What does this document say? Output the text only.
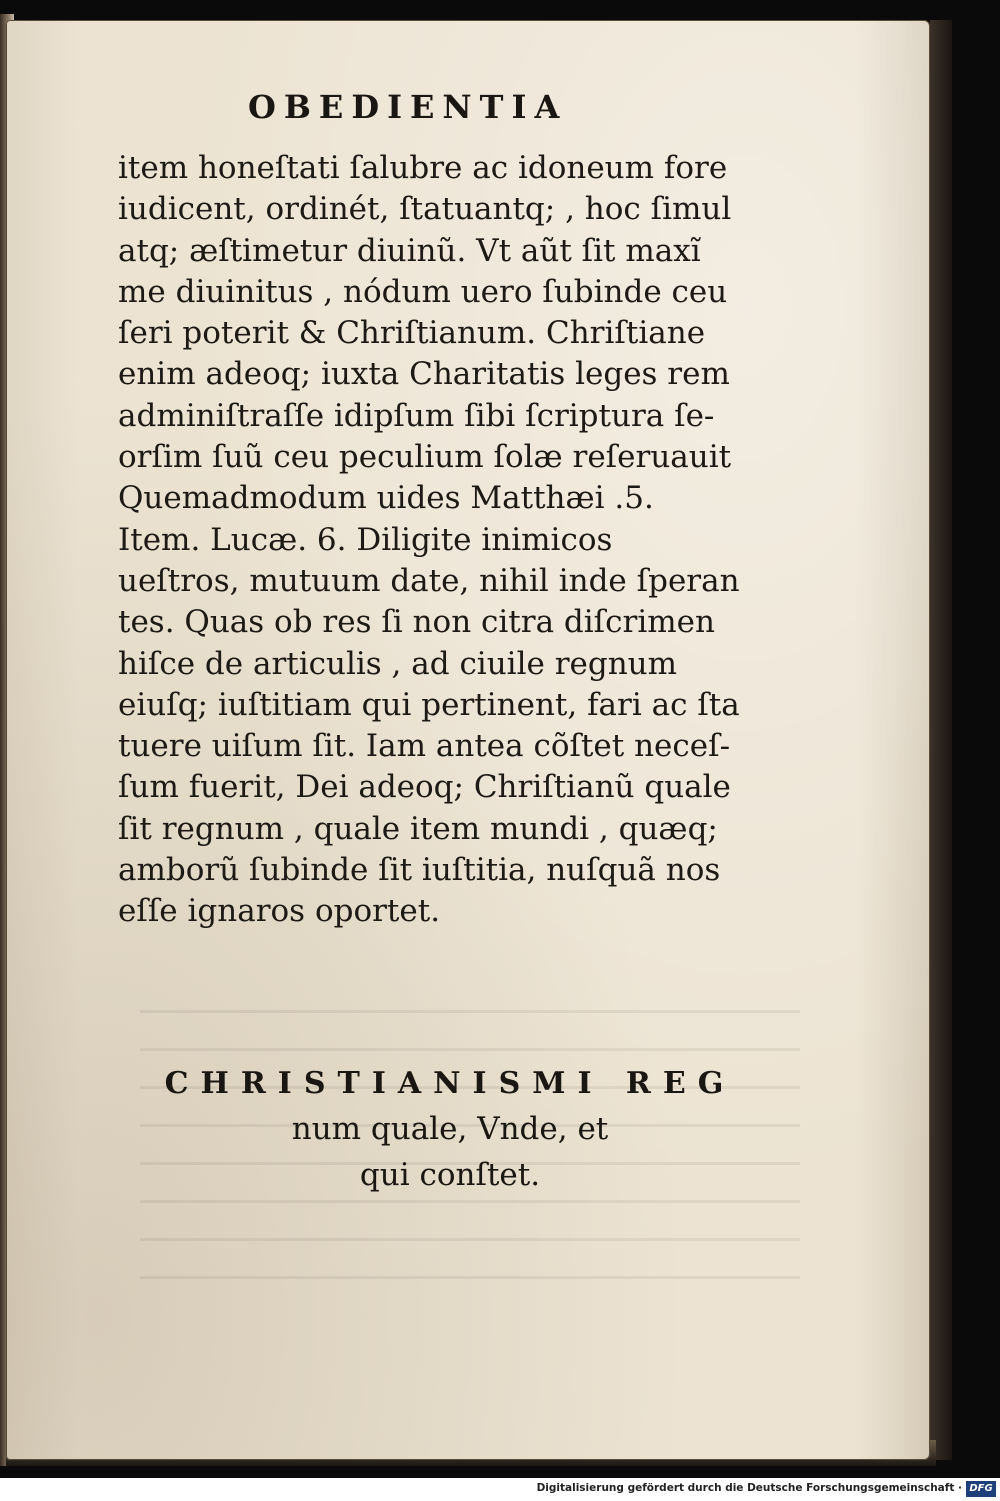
OBEDIENTIA
item honeſtati ſalubre ac idoneum fore
iudicent, ordinét, ſtatuantq; , hoc ſimul
atq; æſtimetur diuinũ. Vt aũt ſit maxĩ
me diuinitus , nódum uero ſubinde ceu
ſeri poterit & Chriſtianum. Chriſtiane
enim adeoq; iuxta Charitatis leges rem
adminiſtraſſe idipſum ſibi ſcriptura ſe-
orſim ſuũ ceu peculium ſolæ reſeruauit
Quemadmodum uides Matthæi .5.
Item. Lucæ. 6. Diligite inimicos
ueſtros, mutuum date, nihil inde ſperan
tes. Quas ob res ſi non citra diſcrimen
hiſce de articulis , ad ciuile regnum
eiuſq; iuſtitiam qui pertinent, fari ac ſta
tuere uiſum ſit. Iam antea cõſtet neceſ-
ſum fuerit, Dei adeoq; Chriſtianũ quale
ſit regnum , quale item mundi , quæq;
amborũ ſubinde ſit iuſtitia, nuſquã nos
eſſe ignaros oportet.
CHRISTIANISMI REG
num quale, Vnde, et
qui conſtet.
Digitalisierung gefördert durch die Deutsche Forschungsgemeinschaft · DFG
